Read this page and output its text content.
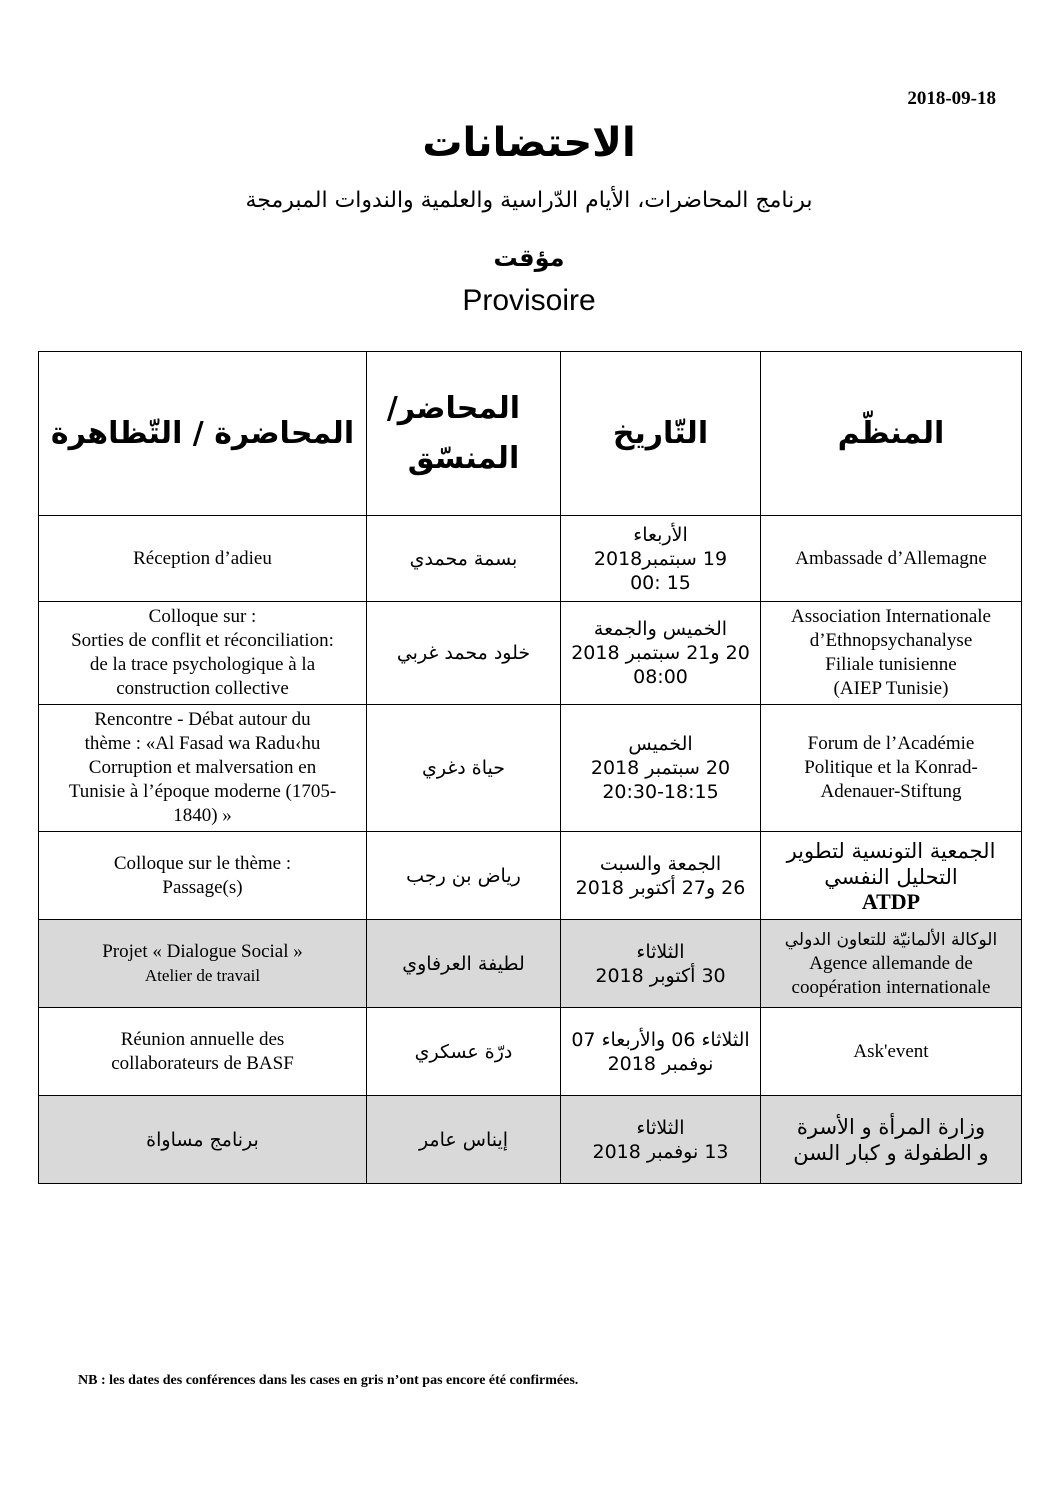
2018-09-18
الاحتضانات
برنامج المحاضرات، الأيام الدّراسية والعلمية والندوات المبرمجة
مؤقت
Provisoire
المحاضرة / التّظاهرة	المحاضر/ المنسّق	التّاريخ	المنظّم

Réception d’adieu	بسمة محمدي	الأربعاء
19 سبتمبر2018
15 :00	Ambassade d’Allemagne

Colloque sur :
Sorties de conflit et réconciliation:
de la trace psychologique à la
construction collective	خلود محمد غربي	الخميس والجمعة
20 و21 سبتمبر 2018
08:00	Association Internationale
d’Ethnopsychanalyse
Filiale tunisienne
(AIEP Tunisie)

Rencontre - Débat autour du
thème : «Al Fasad wa Radu‹hu
Corruption et malversation en
Tunisie à l’époque moderne (1705-
1840) »	حياة دغري	الخميس
20 سبتمبر 2018
20:30-18:15	Forum de l’Académie
Politique et la Konrad-
Adenauer-Stiftung

Colloque sur le thème :
Passage(s)	رياض بن رجب	الجمعة والسبت
26 و27 أكتوبر 2018	الجمعية التونسية لتطوير
التحليل النفسي
ATDP

Projet « Dialogue Social »
Atelier de travail	لطيفة العرفاوي	الثلاثاء
30 أكتوبر 2018	الوكالة الألمانيّة للتعاون الدولي
Agence allemande de
coopération internationale

Réunion annuelle des
collaborateurs de BASF	درّة عسكري	الثلاثاء 06 والأربعاء 07
نوفمبر 2018	Ask'event

برنامج مساواة	إيناس عامر	الثلاثاء
13 نوفمبر 2018	وزارة المرأة و الأسرة
و الطفولة و كبار السن
NB : les dates des conférences dans les cases en gris n’ont pas encore été confirmées.
